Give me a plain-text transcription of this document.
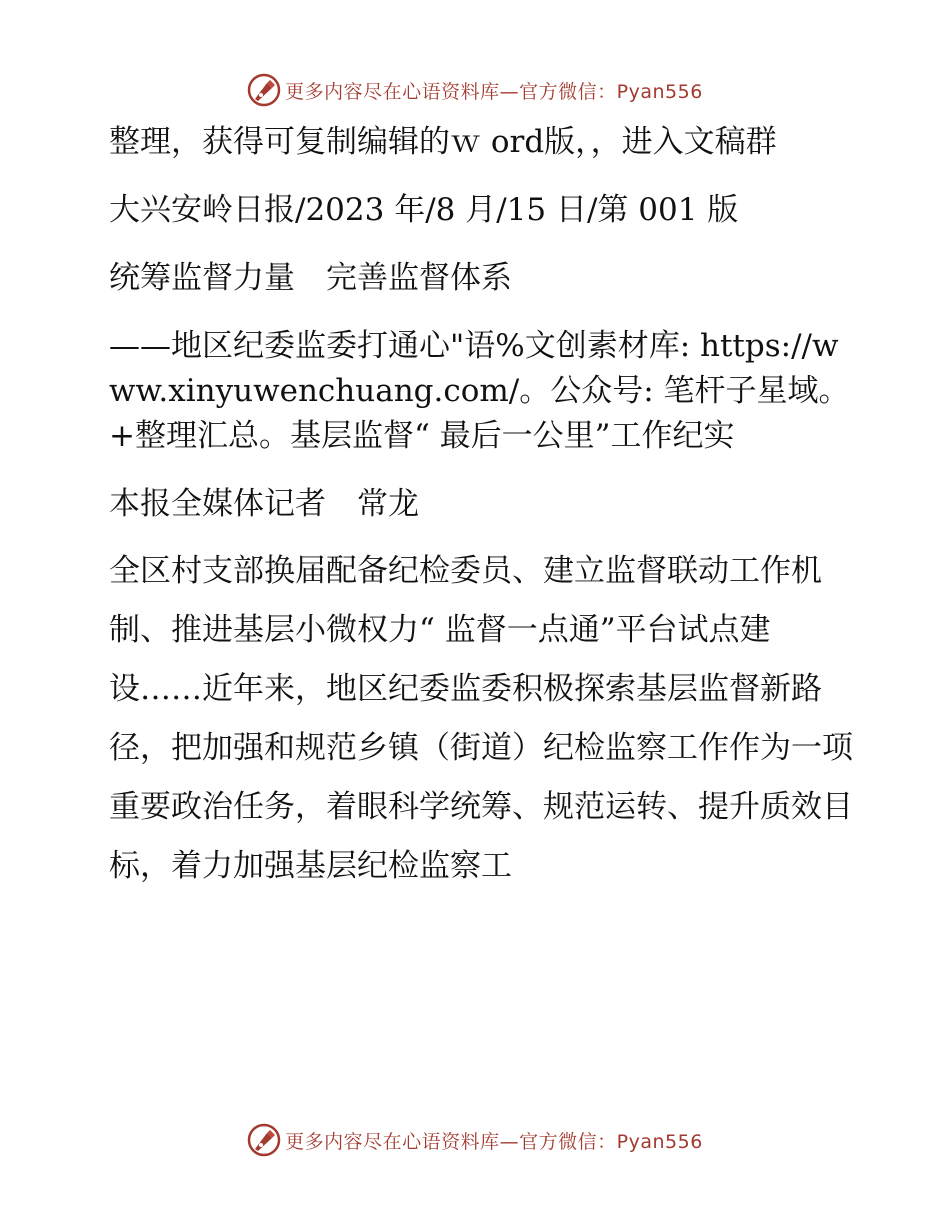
更多内容尽在心语资料库—官方微信：Pyan556

整理，获得可复制编辑的ｗ ord版，，进入文稿群

大兴安岭日报/2023 年/8 月/15 日/第 001 版

统筹监督力量　完善监督体系

——地区纪委监委打通心"语%文创素材库: https://www.xinyuwenchuang.com/。公众号: 笔杆子星域。+整理汇总。基层监督“ 最后一公里”工作纪实

本报全媒体记者　常龙

全区村支部换届配备纪检委员、建立监督联动工作机制、推进基层小微权力“ 监督一点通”平台试点建设……近年来，地区纪委监委积极探索基层监督新路径，把加强和规范乡镇（街道）纪检监察工作作为一项重要政治任务，着眼科学统筹、规范运转、提升质效目标，着力加强基层纪检监察工

更多内容尽在心语资料库—官方微信：Pyan556
